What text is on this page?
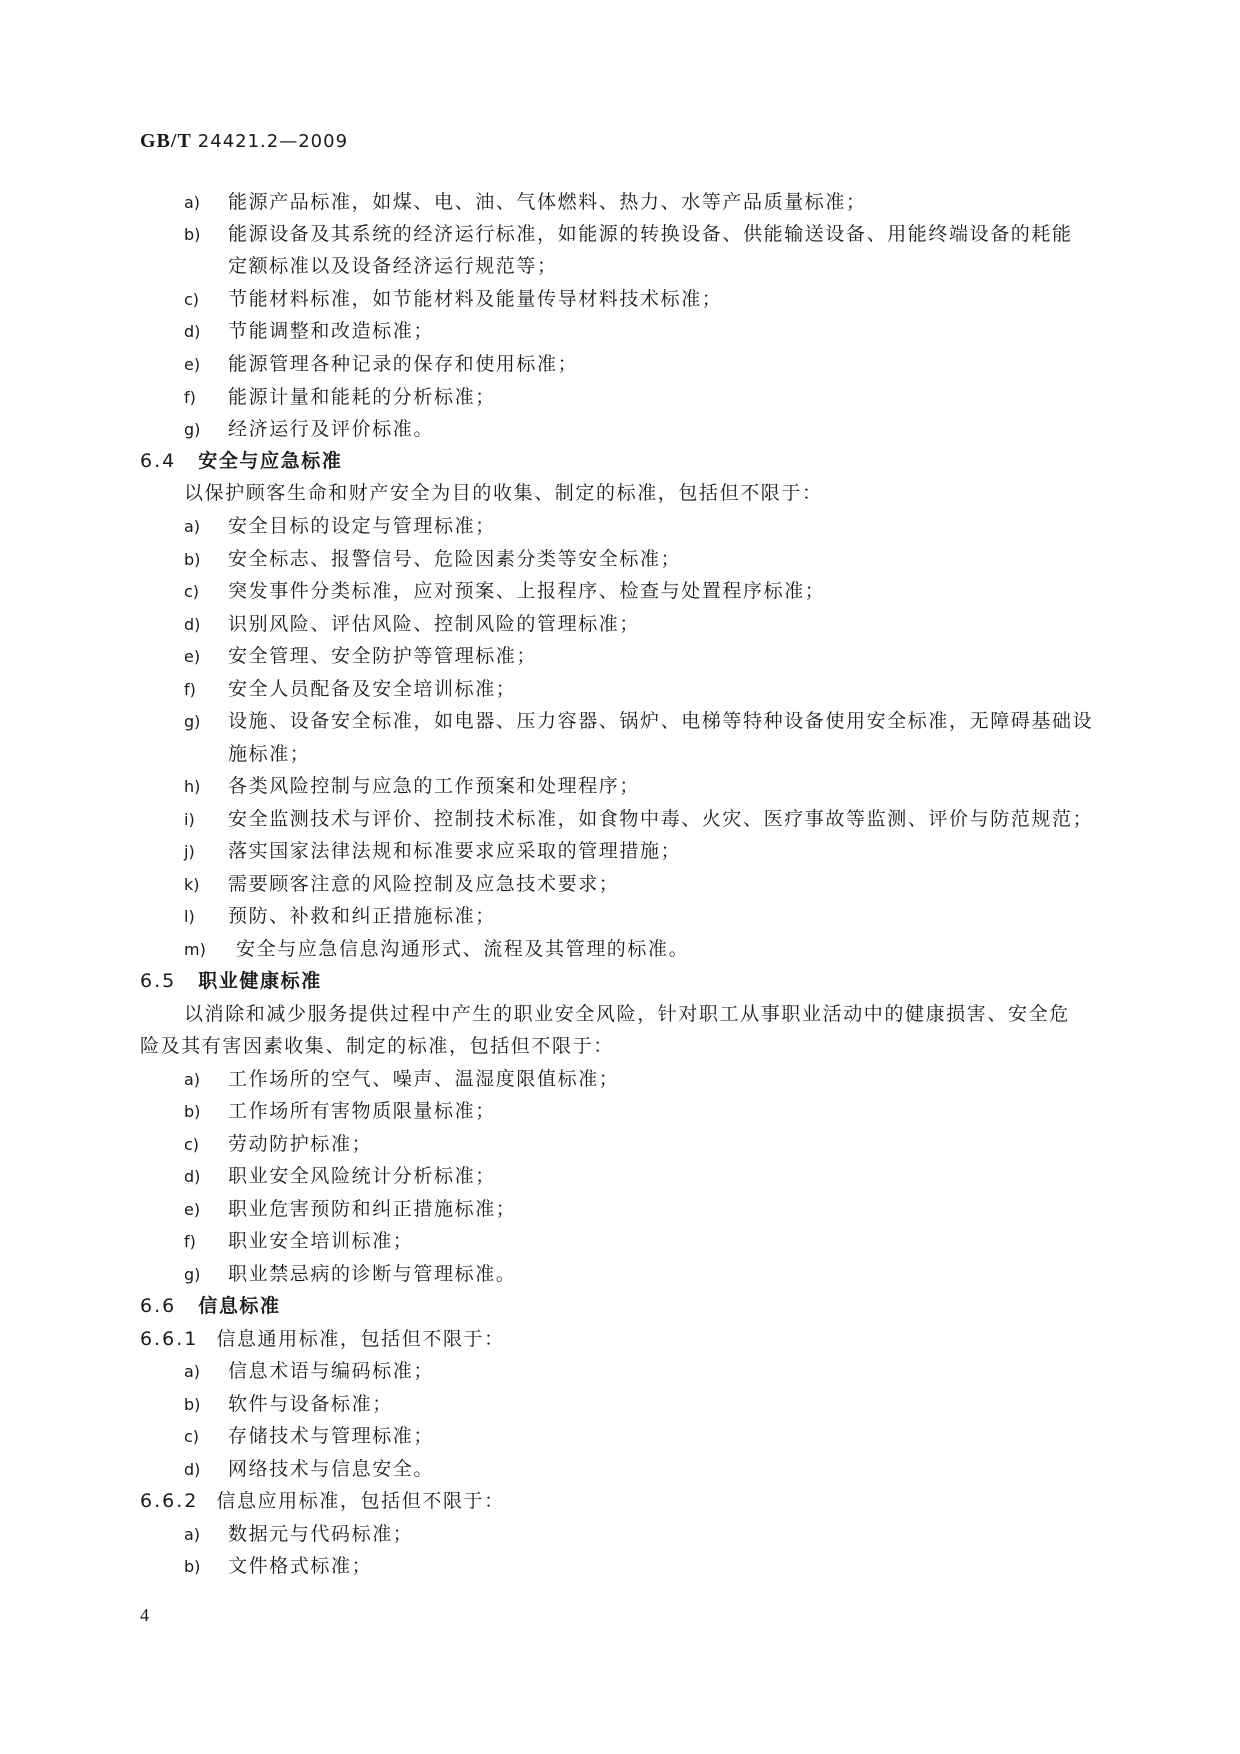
GB/T 24421.2—2009
a) 能源产品标准，如煤、电、油、气体燃料、热力、水等产品质量标准；
b) 能源设备及其系统的经济运行标准，如能源的转换设备、供能输送设备、用能终端设备的耗能
定额标准以及设备经济运行规范等；
c) 节能材料标准，如节能材料及能量传导材料技术标准；
d) 节能调整和改造标准；
e) 能源管理各种记录的保存和使用标准；
f) 能源计量和能耗的分析标准；
g) 经济运行及评价标准。
6.4 安全与应急标准
以保护顾客生命和财产安全为目的收集、制定的标准，包括但不限于：
a) 安全目标的设定与管理标准；
b) 安全标志、报警信号、危险因素分类等安全标准；
c) 突发事件分类标准，应对预案、上报程序、检查与处置程序标准；
d) 识别风险、评估风险、控制风险的管理标准；
e) 安全管理、安全防护等管理标准；
f) 安全人员配备及安全培训标准；
g) 设施、设备安全标准，如电器、压力容器、锅炉、电梯等特种设备使用安全标准，无障碍基础设
施标准；
h) 各类风险控制与应急的工作预案和处理程序；
i) 安全监测技术与评价、控制技术标准，如食物中毒、火灾、医疗事故等监测、评价与防范规范；
j) 落实国家法律法规和标准要求应采取的管理措施；
k) 需要顾客注意的风险控制及应急技术要求；
l) 预防、补救和纠正措施标准；
m) 安全与应急信息沟通形式、流程及其管理的标准。
6.5 职业健康标准
以消除和减少服务提供过程中产生的职业安全风险，针对职工从事职业活动中的健康损害、安全危
险及其有害因素收集、制定的标准，包括但不限于：
a) 工作场所的空气、噪声、温湿度限值标准；
b) 工作场所有害物质限量标准；
c) 劳动防护标准；
d) 职业安全风险统计分析标准；
e) 职业危害预防和纠正措施标准；
f) 职业安全培训标准；
g) 职业禁忌病的诊断与管理标准。
6.6 信息标准
6.6.1 信息通用标准，包括但不限于：
a) 信息术语与编码标准；
b) 软件与设备标准；
c) 存储技术与管理标准；
d) 网络技术与信息安全。
6.6.2 信息应用标准，包括但不限于：
a) 数据元与代码标准；
b) 文件格式标准；
4
